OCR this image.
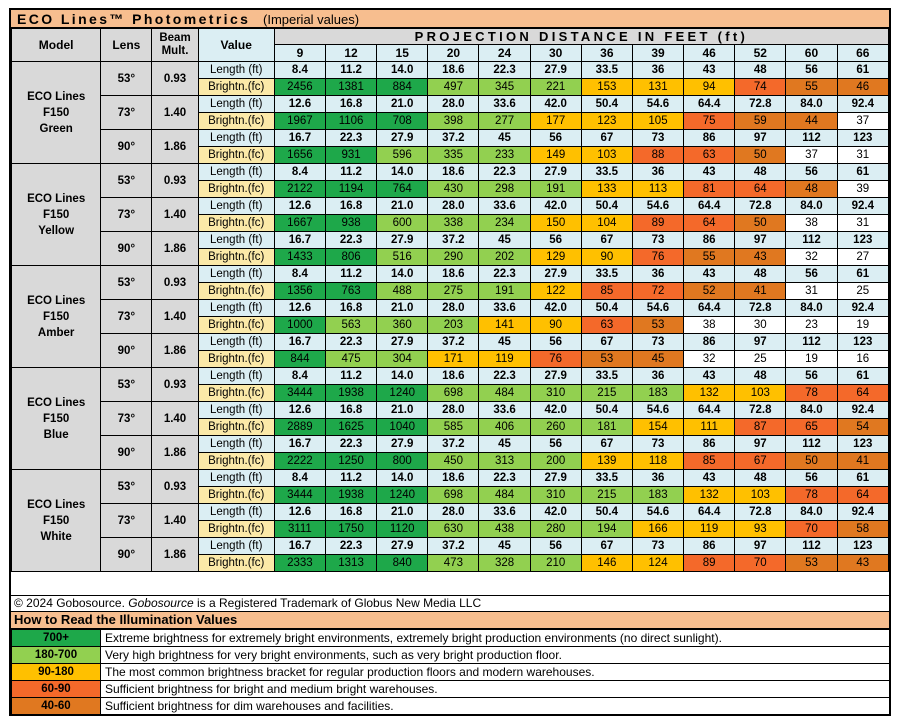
ECO Lines™ Photometrics (Imperial values)
Model	Lens	Beam
Mult.	Value	PROJECTION DISTANCE IN FEET (ft)											
				9	12	15	20	24	30	36	39	46	52	60	66
ECO Lines
F150
Green	53°	0.93	Length (ft)	8.4	11.2	14.0	18.6	22.3	27.9	33.5	36	43	48	56	61
			Brightn.(fc)	2456	1381	884	497	345	221	153	131	94	74	55	46
	73°	1.40	Length (ft)	12.6	16.8	21.0	28.0	33.6	42.0	50.4	54.6	64.4	72.8	84.0	92.4
			Brightn.(fc)	1967	1106	708	398	277	177	123	105	75	59	44	37
	90°	1.86	Length (ft)	16.7	22.3	27.9	37.2	45	56	67	73	86	97	112	123
			Brightn.(fc)	1656	931	596	335	233	149	103	88	63	50	37	31
ECO Lines
F150
Yellow	53°	0.93	Length (ft)	8.4	11.2	14.0	18.6	22.3	27.9	33.5	36	43	48	56	61
			Brightn.(fc)	2122	1194	764	430	298	191	133	113	81	64	48	39
	73°	1.40	Length (ft)	12.6	16.8	21.0	28.0	33.6	42.0	50.4	54.6	64.4	72.8	84.0	92.4
			Brightn.(fc)	1667	938	600	338	234	150	104	89	64	50	38	31
	90°	1.86	Length (ft)	16.7	22.3	27.9	37.2	45	56	67	73	86	97	112	123
			Brightn.(fc)	1433	806	516	290	202	129	90	76	55	43	32	27
ECO Lines
F150
Amber	53°	0.93	Length (ft)	8.4	11.2	14.0	18.6	22.3	27.9	33.5	36	43	48	56	61
			Brightn.(fc)	1356	763	488	275	191	122	85	72	52	41	31	25
	73°	1.40	Length (ft)	12.6	16.8	21.0	28.0	33.6	42.0	50.4	54.6	64.4	72.8	84.0	92.4
			Brightn.(fc)	1000	563	360	203	141	90	63	53	38	30	23	19
	90°	1.86	Length (ft)	16.7	22.3	27.9	37.2	45	56	67	73	86	97	112	123
			Brightn.(fc)	844	475	304	171	119	76	53	45	32	25	19	16
ECO Lines
F150
Blue	53°	0.93	Length (ft)	8.4	11.2	14.0	18.6	22.3	27.9	33.5	36	43	48	56	61
			Brightn.(fc)	3444	1938	1240	698	484	310	215	183	132	103	78	64
	73°	1.40	Length (ft)	12.6	16.8	21.0	28.0	33.6	42.0	50.4	54.6	64.4	72.8	84.0	92.4
			Brightn.(fc)	2889	1625	1040	585	406	260	181	154	111	87	65	54
	90°	1.86	Length (ft)	16.7	22.3	27.9	37.2	45	56	67	73	86	97	112	123
			Brightn.(fc)	2222	1250	800	450	313	200	139	118	85	67	50	41
ECO Lines
F150
White	53°	0.93	Length (ft)	8.4	11.2	14.0	18.6	22.3	27.9	33.5	36	43	48	56	61
			Brightn.(fc)	3444	1938	1240	698	484	310	215	183	132	103	78	64
	73°	1.40	Length (ft)	12.6	16.8	21.0	28.0	33.6	42.0	50.4	54.6	64.4	72.8	84.0	92.4
			Brightn.(fc)	3111	1750	1120	630	438	280	194	166	119	93	70	58
	90°	1.86	Length (ft)	16.7	22.3	27.9	37.2	45	56	67	73	86	97	112	123
			Brightn.(fc)	2333	1313	840	473	328	210	146	124	89	70	53	43
© 2024 Gobosource. Gobosource is a Registered Trademark of Globus New Media LLC
How to Read the Illumination Values
700+	Extreme brightness for extremely bright environments, extremely bright production environments (no direct sunlight).
180-700	Very high brightness for very bright environments, such as very bright production floor.
90-180	The most common brightness bracket for regular production floors and modern warehouses.
60-90	Sufficient brightness for bright and medium bright warehouses.
40-60	Sufficient brightness for dim warehouses and facilities.
